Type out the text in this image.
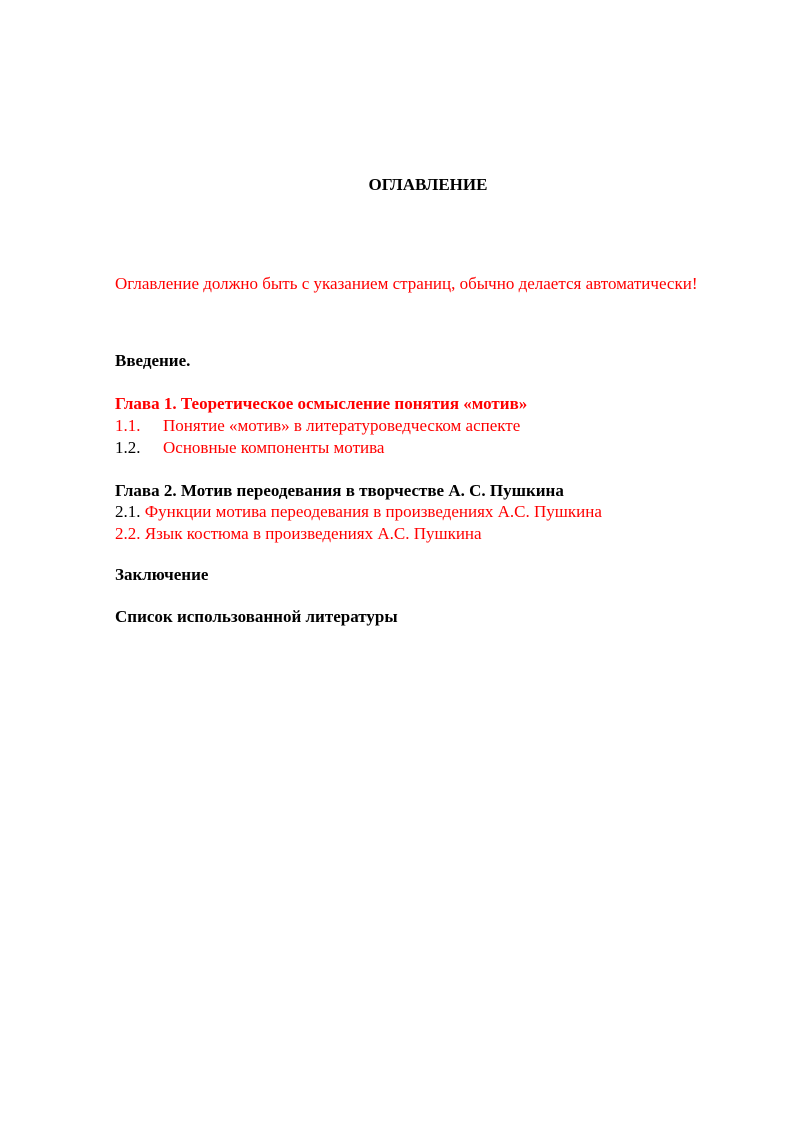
ОГЛАВЛЕНИЕ
Оглавление должно быть с указанием страниц, обычно делается автоматически!
Введение.
Глава 1. Теоретическое осмысление понятия «мотив»
1.1. Понятие «мотив» в литературоведческом аспекте
1.2. Основные компоненты мотива
Глава 2. Мотив переодевания в творчестве А. С. Пушкина
2.1. Функции мотива переодевания в произведениях А.С. Пушкина
2.2. Язык костюма в произведениях А.С. Пушкина
Заключение
Список использованной литературы
